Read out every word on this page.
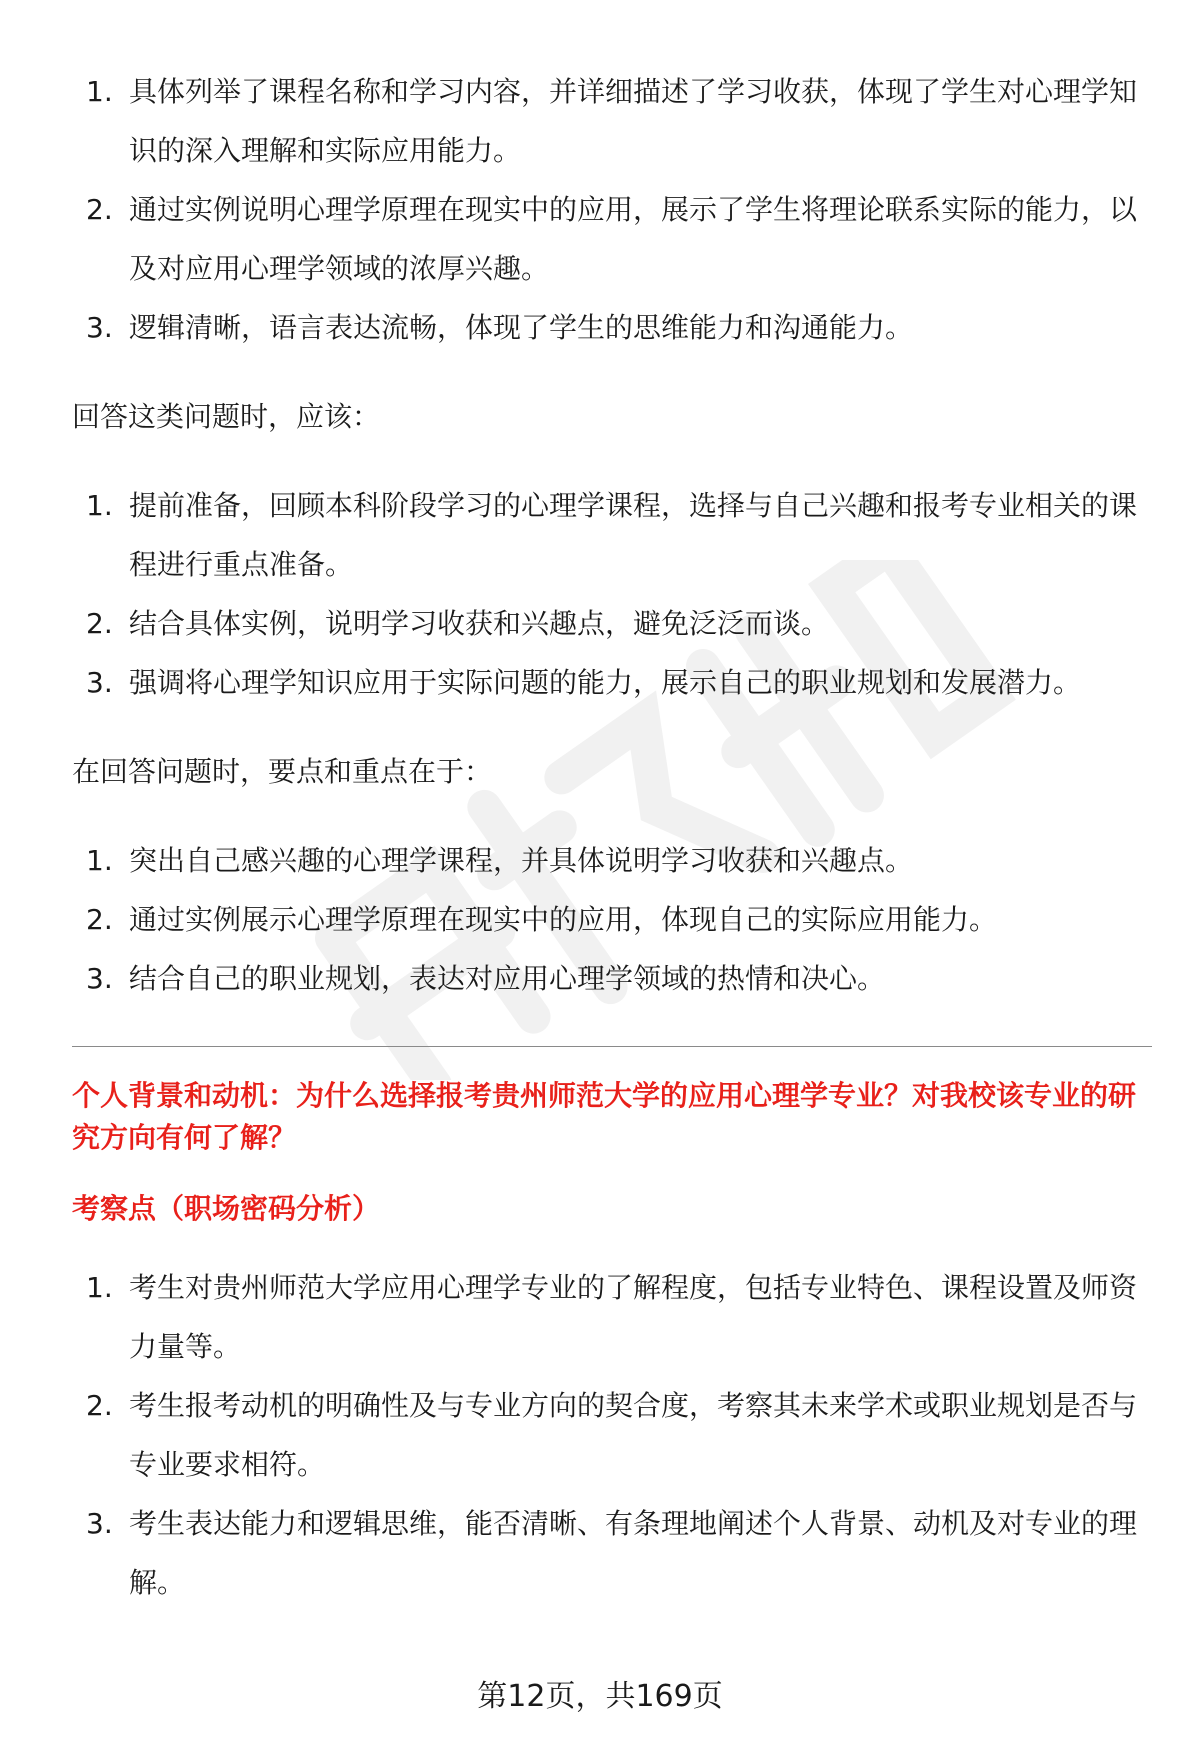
1. 具体列举了课程名称和学习内容，并详细描述了学习收获，体现了学生对心理学知识的深入理解和实际应用能力。
2. 通过实例说明心理学原理在现实中的应用，展示了学生将理论联系实际的能力，以及对应用心理学领域的浓厚兴趣。
3. 逻辑清晰，语言表达流畅，体现了学生的思维能力和沟通能力。

回答这类问题时，应该：

1. 提前准备，回顾本科阶段学习的心理学课程，选择与自己兴趣和报考专业相关的课程进行重点准备。
2. 结合具体实例，说明学习收获和兴趣点，避免泛泛而谈。
3. 强调将心理学知识应用于实际问题的能力，展示自己的职业规划和发展潜力。

在回答问题时，要点和重点在于：

1. 突出自己感兴趣的心理学课程，并具体说明学习收获和兴趣点。
2. 通过实例展示心理学原理在现实中的应用，体现自己的实际应用能力。
3. 结合自己的职业规划，表达对应用心理学领域的热情和决心。
个人背景和动机：为什么选择报考贵州师范大学的应用心理学专业？对我校该专业的研究方向有何了解？
考察点（职场密码分析）
1. 考生对贵州师范大学应用心理学专业的了解程度，包括专业特色、课程设置及师资力量等。
2. 考生报考动机的明确性及与专业方向的契合度，考察其未来学术或职业规划是否与专业要求相符。
3. 考生表达能力和逻辑思维，能否清晰、有条理地阐述个人背景、动机及对专业的理解。
第12页，共169页
